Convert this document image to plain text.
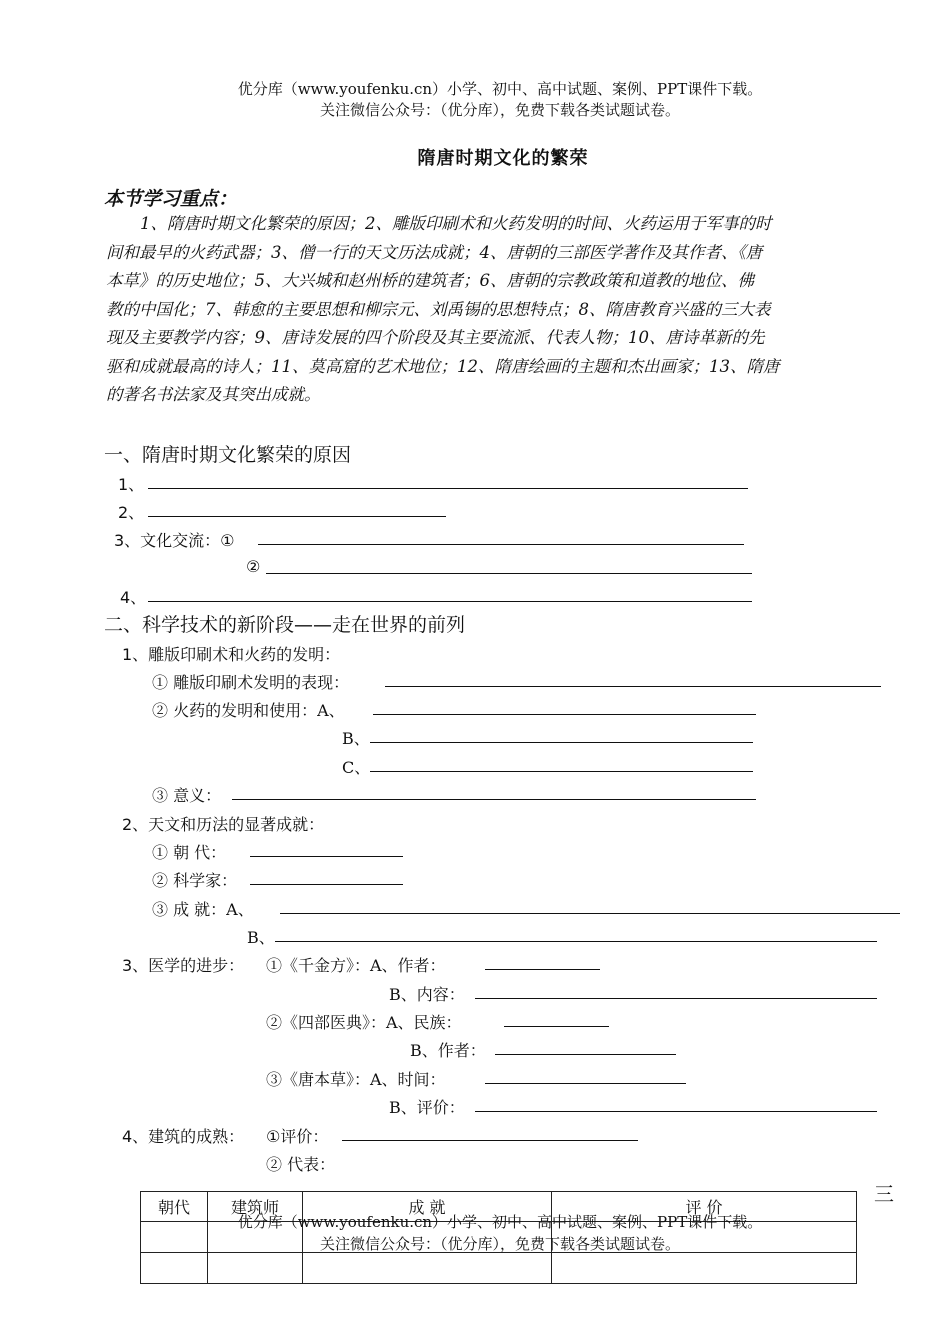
优分库（www.youfenku.cn）小学、初中、高中试题、案例、PPT课件下载。
关注微信公众号：（优分库），免费下载各类试题试卷。
隋唐时期文化的繁荣
本节学习重点：
1、隋唐时期文化繁荣的原因；2、雕版印刷术和火药发明的时间、火药运用于军事的时
间和最早的火药武器；3、僧一行的天文历法成就；4、唐朝的三部医学著作及其作者、《唐
本草》的历史地位；5、大兴城和赵州桥的建筑者；6、唐朝的宗教政策和道教的地位、佛
教的中国化；7、韩愈的主要思想和柳宗元、刘禹锡的思想特点；8、隋唐教育兴盛的三大表
现及主要教学内容；9、唐诗发展的四个阶段及其主要流派、代表人物；10、唐诗革新的先
驱和成就最高的诗人；11、莫高窟的艺术地位；12、隋唐绘画的主题和杰出画家；13、隋唐
的著名书法家及其突出成就。
一、隋唐时期文化繁荣的原因
1、
2、
3、文化交流：①
②
4、
二、科学技术的新阶段——走在世界的前列
1、雕版印刷术和火药的发明：
① 雕版印刷术发明的表现：
② 火药的发明和使用：A、
B、
C、
③ 意义：
2、天文和历法的显著成就：
① 朝 代：
② 科学家：
③ 成 就：A、
B、
3、医学的进步： ①《千金方》：A、作者：
B、内容：
②《四部医典》：A、民族：
B、作者：
③《唐本草》：A、时间：
B、评价：
4、建筑的成熟： ①评价：
② 代表：
朝代	建筑师	成 就	评 价

三
优分库（www.youfenku.cn）小学、初中、高中试题、案例、PPT课件下载。
关注微信公众号：（优分库），免费下载各类试题试卷。
